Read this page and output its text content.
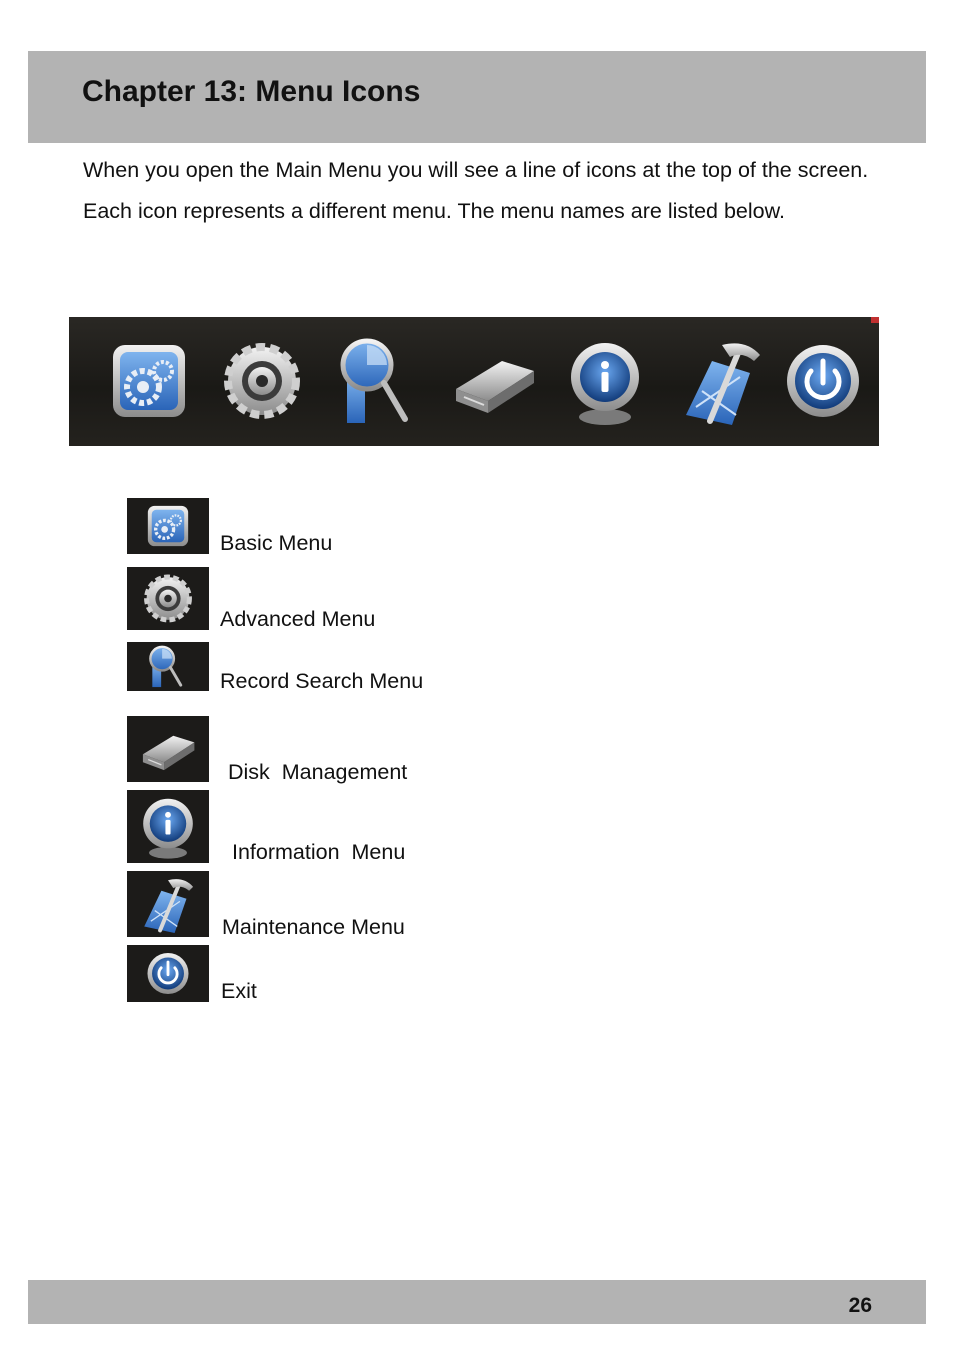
Chapter 13: Menu Icons

When you open the Main Menu you will see a line of icons at the top of the screen. Each icon represents a different menu. The menu names are listed below.

Basic Menu
Advanced Menu
Record Search Menu
Disk  Management
Information  Menu
Maintenance Menu
Exit
26
